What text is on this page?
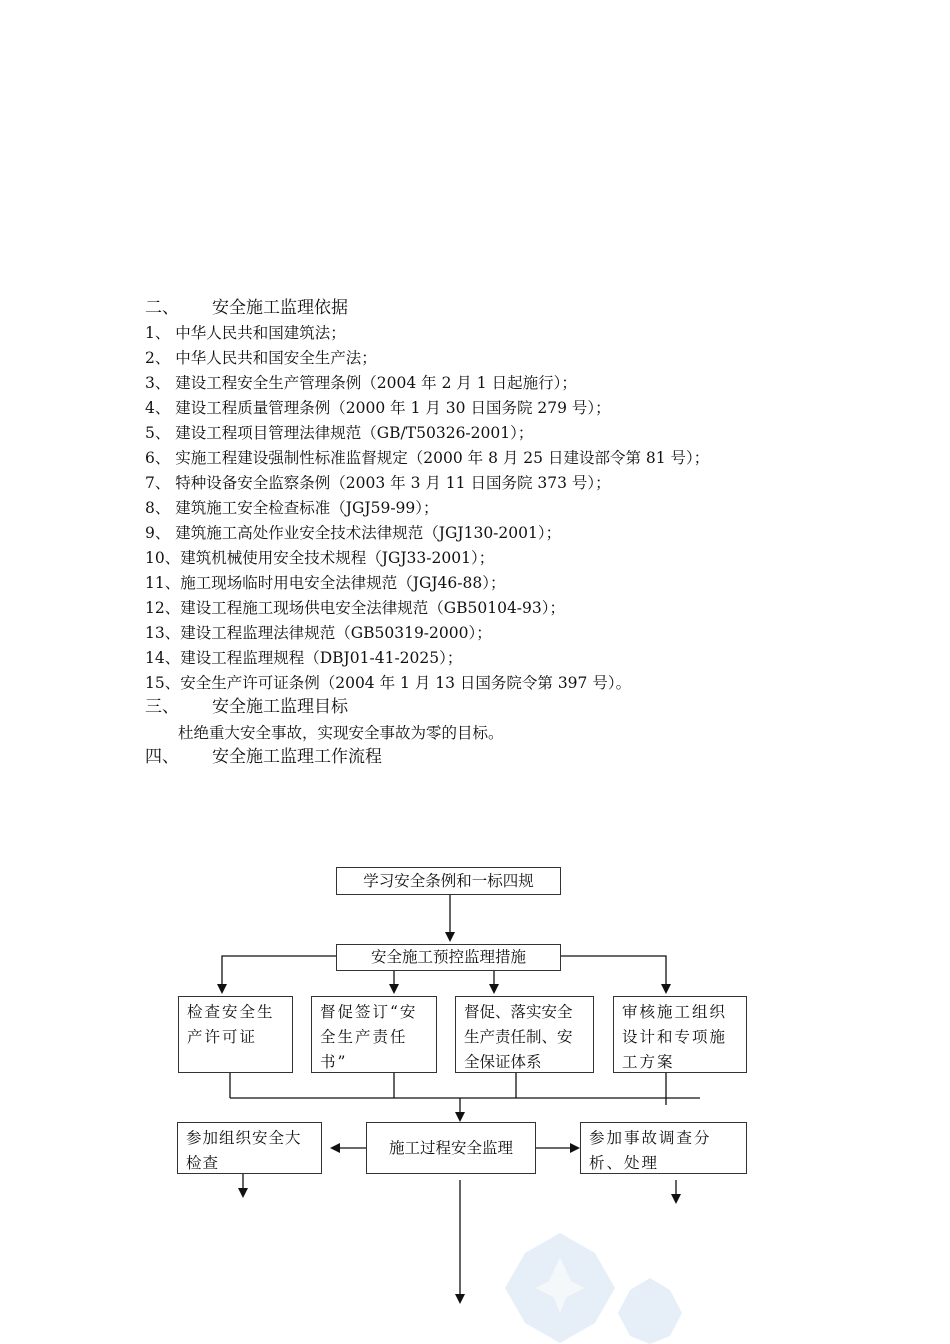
二、 安全施工监理依据
1、 中华人民共和国建筑法；
2、 中华人民共和国安全生产法；
3、 建设工程安全生产管理条例（2004 年 2 月 1 日起施行）；
4、 建设工程质量管理条例（2000 年 1 月 30 日国务院 279 号）；
5、 建设工程项目管理法律规范（GB/T50326-2001）；
6、 实施工程建设强制性标准监督规定（2000 年 8 月 25 日建设部令第 81 号）；
7、 特种设备安全监察条例（2003 年 3 月 11 日国务院 373 号）；
8、 建筑施工安全检查标准（JGJ59-99）；
9、 建筑施工高处作业安全技术法律规范（JGJ130-2001）；
10、建筑机械使用安全技术规程（JGJ33-2001）；
11、施工现场临时用电安全法律规范（JGJ46-88）；
12、建设工程施工现场供电安全法律规范（GB50104-93）；
13、建设工程监理法律规范（GB50319-2000）；
14、建设工程监理规程（DBJ01-41-2025）；
15、安全生产许可证条例（2004 年 1 月 13 日国务院令第 397 号）。
三、 安全施工监理目标
杜绝重大安全事故，实现安全事故为零的目标。
四、 安全施工监理工作流程
学习安全条例和一标四规
安全施工预控监理措施
检查安全生产许可证
督促签订“安全生产责任书”
督促、落实安全生产责任制、安全保证体系
审核施工组织设计和专项施工方案
参加组织安全大检查
施工过程安全监理
参加事故调查分析、处理
